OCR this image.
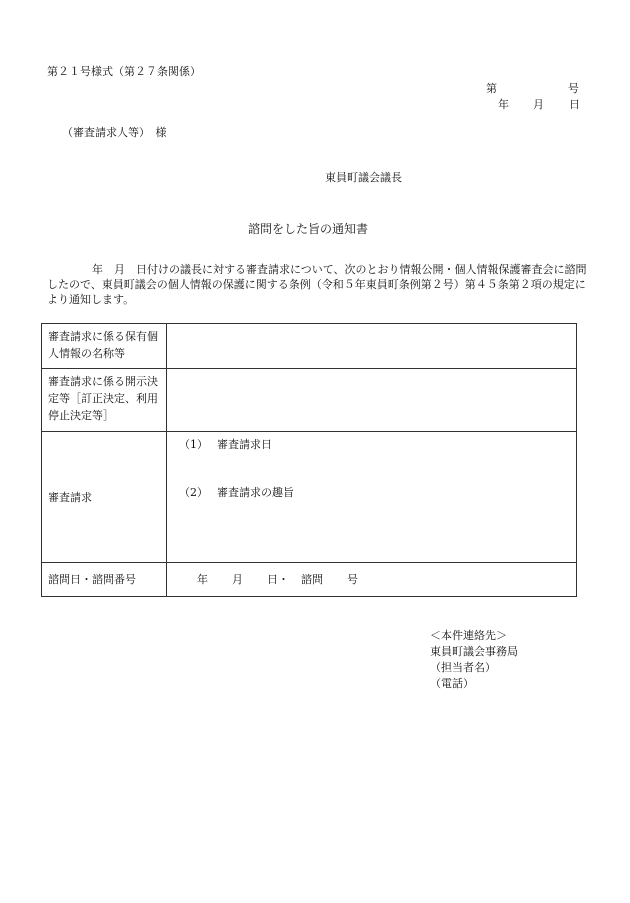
第２１号様式（第２７条関係）
第	号
年 月 日
（審査請求人等）　様
東員町議会議長
諮問をした旨の通知書
年　月　日付けの議長に対する審査請求について、次のとおり情報公開・個人情報保護審査会に諮問したので、東員町議会の個人情報の保護に関する条例（令和５年東員町条例第２号）第４５条第２項の規定により通知します。
審査請求に係る保有個人情報の名称等	
審査請求に係る開示決定等［訂正決定、利用停止決定等］	
審査請求	（1） 審査請求日
（2） 審査請求の趣旨

諮問日・諮問番号	年 月 日・ 諮問 号
＜本件連絡先＞
東員町議会事務局
（担当者名）
（電話）
